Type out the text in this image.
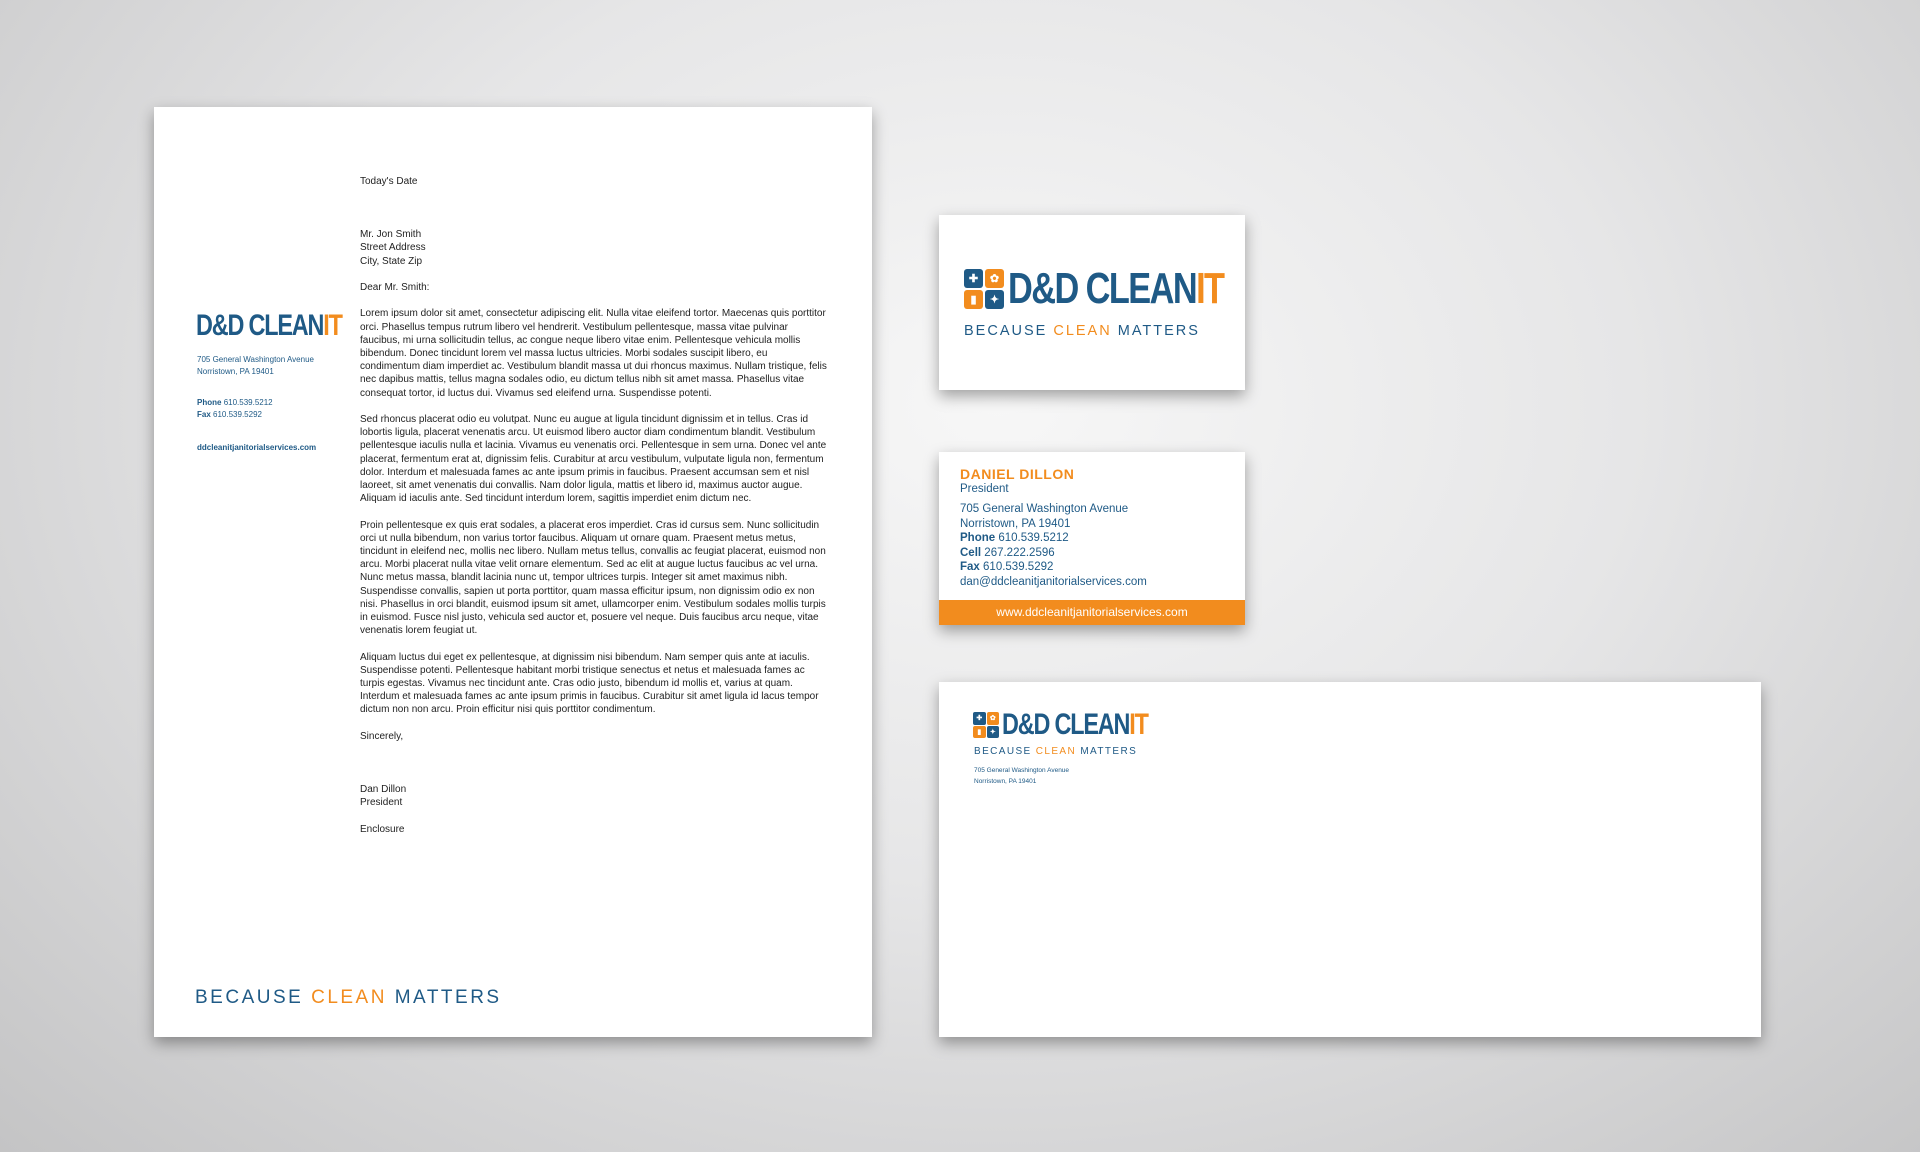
D&D CLEANIT
705 General Washington Avenue
Norristown, PA 19401
Phone 610.539.5212
Fax 610.539.5292
ddcleanitjanitorialservices.com

Today's Date

Mr. Jon Smith

Street Address

City, State Zip

Dear Mr. Smith:

Lorem ipsum dolor sit amet, consectetur adipiscing elit. Nulla vitae eleifend tortor. Maecenas quis porttitor orci. Phasellus tempus rutrum libero vel hendrerit. Vestibulum pellentesque, massa vitae pulvinar faucibus, mi urna sollicitudin tellus, ac congue neque libero vitae enim. Pellentesque vehicula mollis bibendum. Donec tincidunt lorem vel massa luctus ultricies. Morbi sodales suscipit libero, eu condimentum diam imperdiet ac. Vestibulum blandit massa ut dui rhoncus maximus. Nullam tristique, felis nec dapibus mattis, tellus magna sodales odio, eu dictum tellus nibh sit amet massa. Phasellus vitae consequat tortor, id luctus dui. Vivamus sed eleifend urna. Suspendisse potenti.

Sed rhoncus placerat odio eu volutpat. Nunc eu augue at ligula tincidunt dignissim et in tellus. Cras id lobortis ligula, placerat venenatis arcu. Ut euismod libero auctor diam condimentum blandit. Vestibulum pellentesque iaculis nulla et lacinia. Vivamus eu venenatis orci. Pellentesque in sem urna. Donec vel ante placerat, fermentum erat at, dignissim felis. Curabitur at arcu vestibulum, vulputate ligula non, fermentum dolor. Interdum et malesuada fames ac ante ipsum primis in faucibus. Praesent accumsan sem et nisl laoreet, sit amet venenatis dui convallis. Nam dolor ligula, mattis et libero id, maximus auctor augue. Aliquam id iaculis ante. Sed tincidunt interdum lorem, sagittis imperdiet enim dictum nec.

Proin pellentesque ex quis erat sodales, a placerat eros imperdiet. Cras id cursus sem. Nunc sollicitudin orci ut nulla bibendum, non varius tortor faucibus. Aliquam ut ornare quam. Praesent metus metus, tincidunt in eleifend nec, mollis nec libero. Nullam metus tellus, convallis ac feugiat placerat, euismod non arcu. Morbi placerat nulla vitae velit ornare elementum. Sed ac elit at augue luctus faucibus ac vel urna. Nunc metus massa, blandit lacinia nunc ut, tempor ultrices turpis. Integer sit amet maximus nibh. Suspendisse convallis, sapien ut porta porttitor, quam massa efficitur ipsum, non dignissim odio ex non nisi. Phasellus in orci blandit, euismod ipsum sit amet, ullamcorper enim. Vestibulum sodales mollis turpis in euismod. Fusce nisl justo, vehicula sed auctor et, posuere vel neque. Duis faucibus arcu neque, vitae venenatis lorem feugiat ut.

Aliquam luctus dui eget ex pellentesque, at dignissim nisi bibendum. Nam semper quis ante at iaculis. Suspendisse potenti. Pellentesque habitant morbi tristique senectus et netus et malesuada fames ac turpis egestas. Vivamus nec tincidunt ante. Cras odio justo, bibendum id mollis et, varius at quam. Interdum et malesuada fames ac ante ipsum primis in faucibus. Curabitur sit amet ligula id lacus tempor dictum non non arcu. Proin efficitur nisi quis porttitor condimentum.

Sincerely,

Dan Dillon

President

Enclosure

BECAUSE CLEAN MATTERS
✚	✿
▮	✦ D&D CLEANIT
BECAUSE CLEAN MATTERS
DANIEL DILLON
President
705 General Washington Avenue
Norristown, PA 19401
Phone 610.539.5212
Cell 267.222.2596
Fax 610.539.5292
dan@ddcleanitjanitorialservices.com
www.ddcleanitjanitorialservices.com
✚	✿
▮	✦ D&D CLEANIT
BECAUSE CLEAN MATTERS
705 General Washington Avenue
Norristown, PA 19401
